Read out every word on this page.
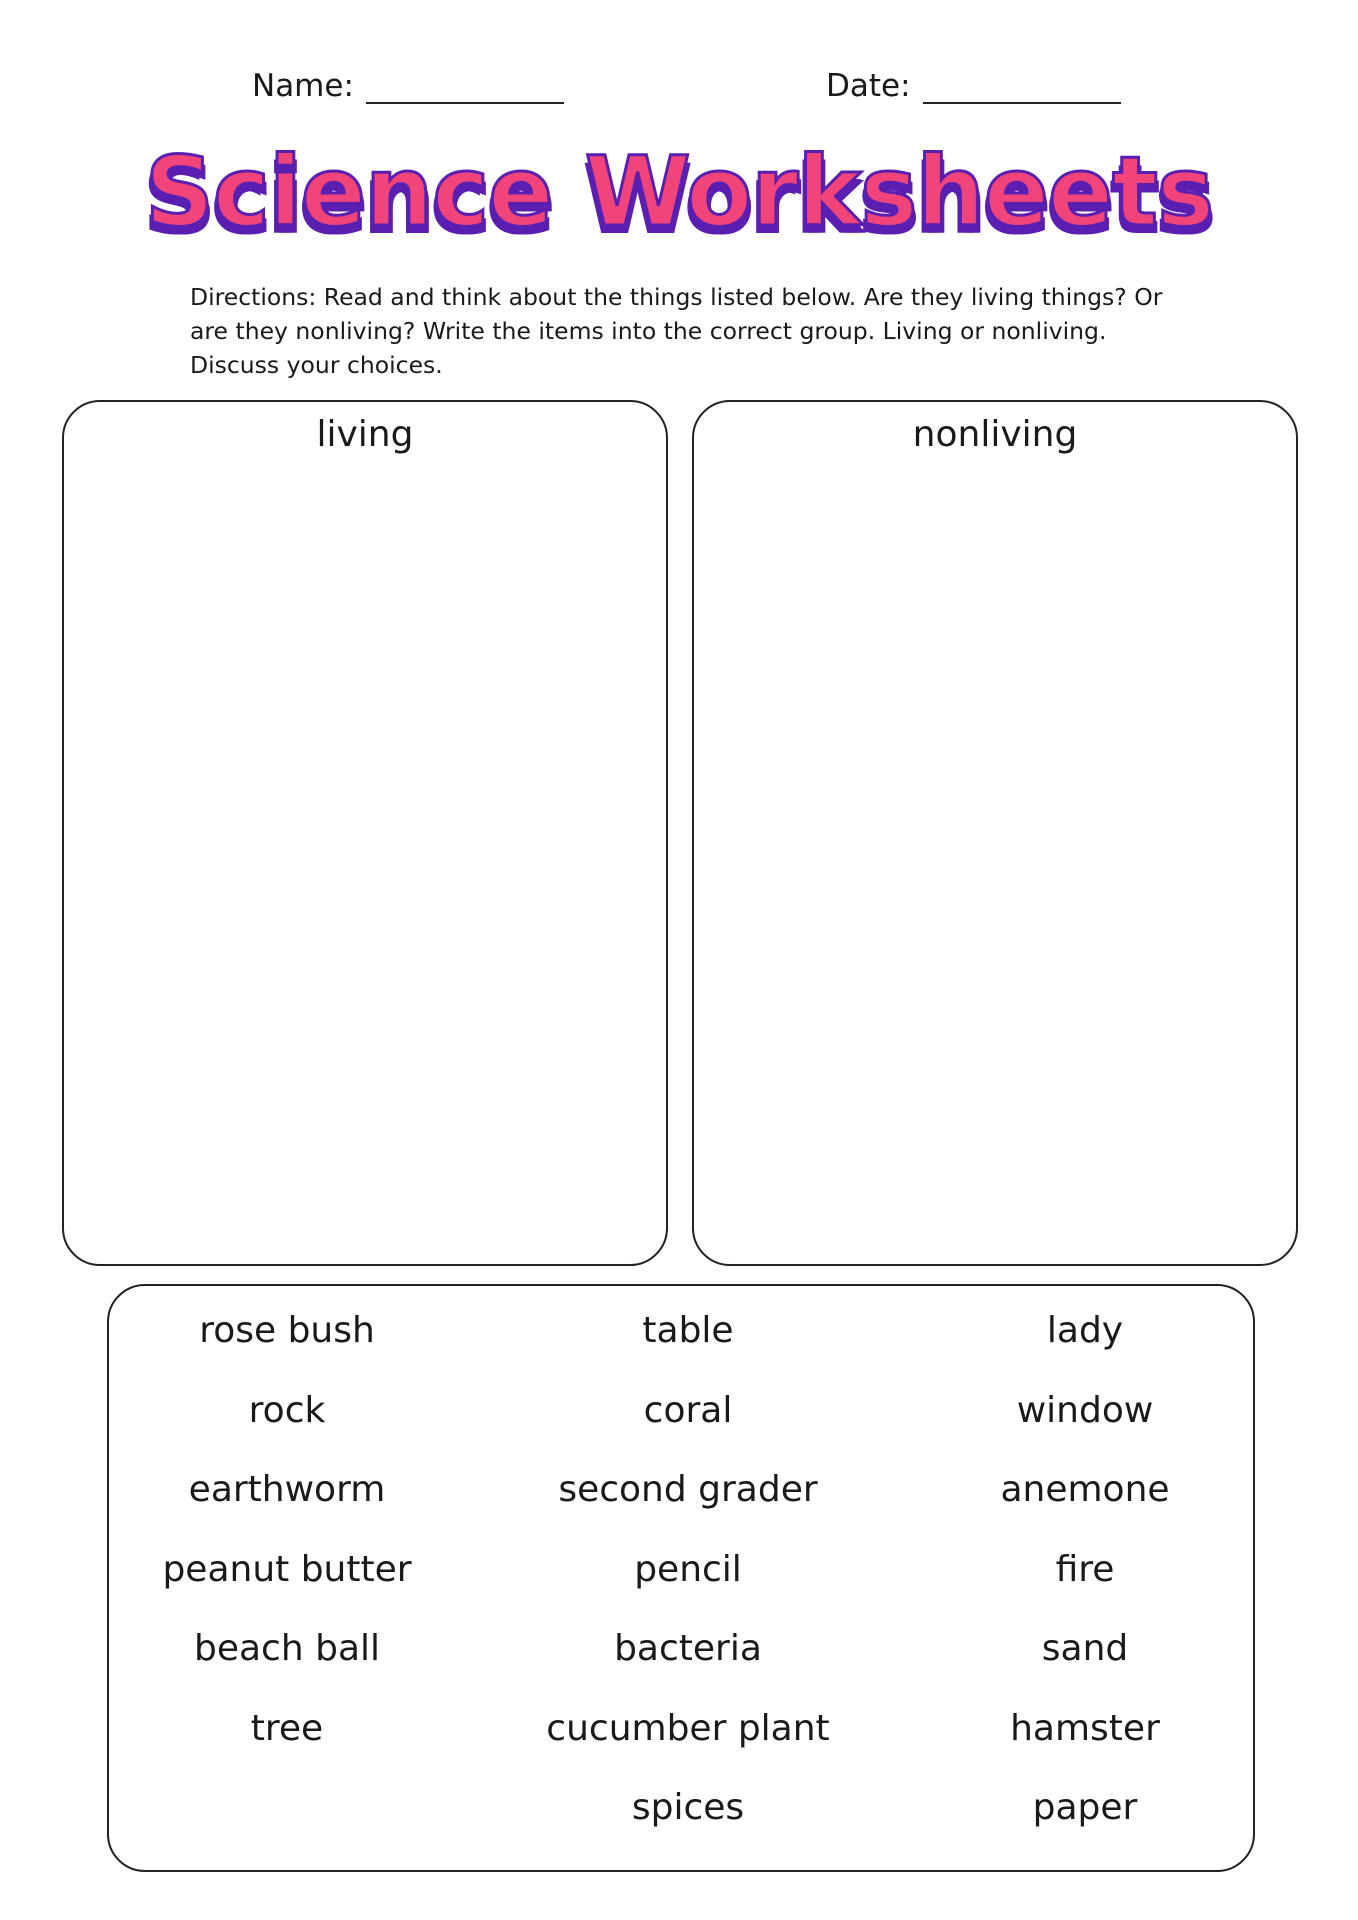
Name:	Date:
Science Worksheets
Directions: Read and think about the things listed below. Are they living things? Or are they nonliving? Write the items into the correct group. Living or nonliving. Discuss your choices.
living	nonliving
rose bush
rock
earthworm
peanut butter
beach ball
tree
table
coral
second grader
pencil
bacteria
cucumber plant
spices
lady
window
anemone
fire
sand
hamster
paper
